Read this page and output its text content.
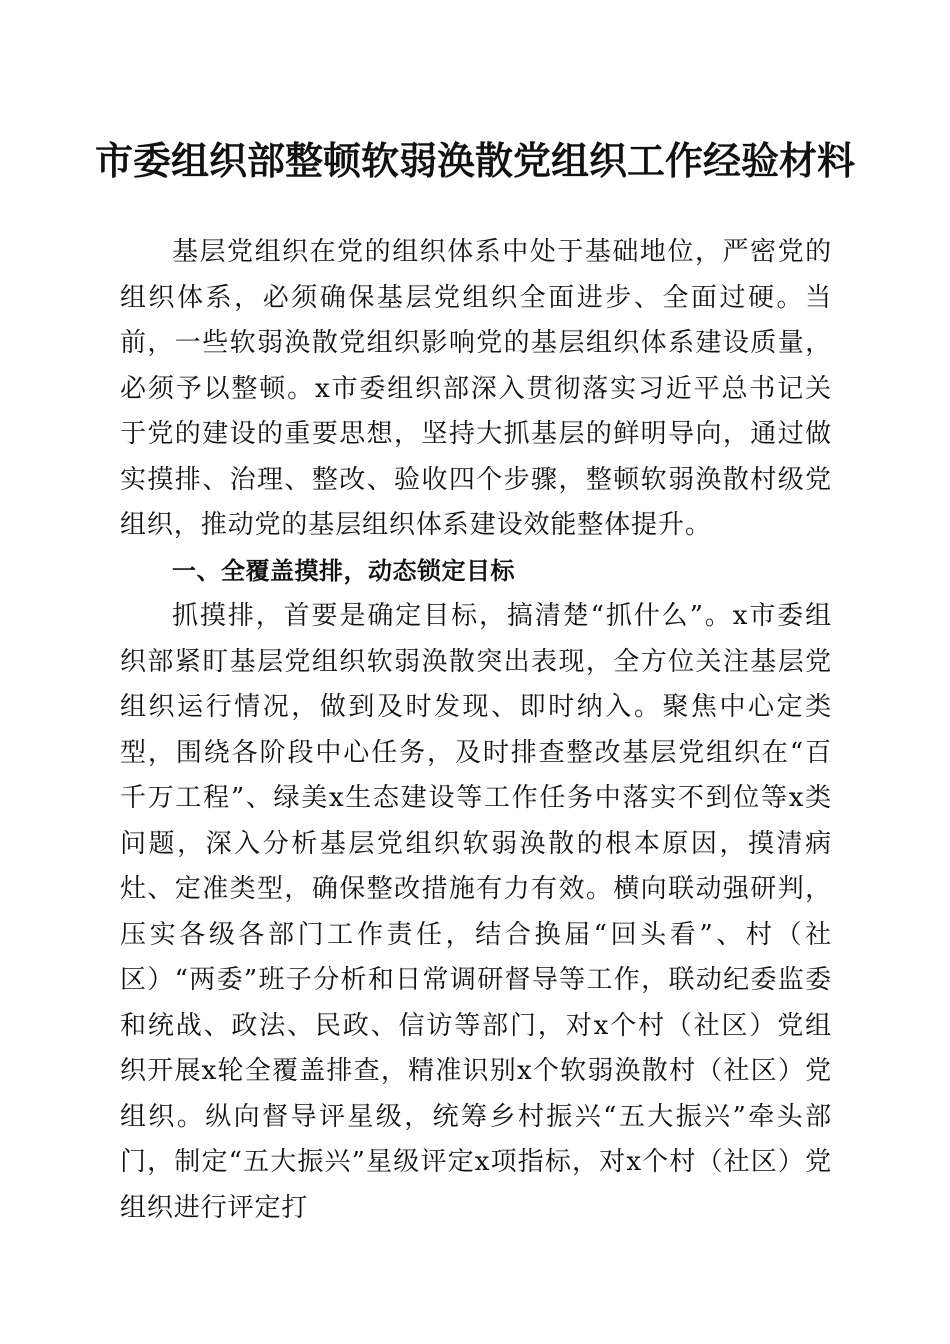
市委组织部整顿软弱涣散党组织工作经验材料

基层党组织在党的组织体系中处于基础地位，严密党的组织体系，必须确保基层党组织全面进步、全面过硬。当前，一些软弱涣散党组织影响党的基层组织体系建设质量，必须予以整顿。x市委组织部深入贯彻落实习近平总书记关于党的建设的重要思想，坚持大抓基层的鲜明导向，通过做实摸排、治理、整改、验收四个步骤，整顿软弱涣散村级党组织，推动党的基层组织体系建设效能整体提升。

一、全覆盖摸排，动态锁定目标

抓摸排，首要是确定目标，搞清楚“抓什么”。x市委组织部紧盯基层党组织软弱涣散突出表现，全方位关注基层党组织运行情况，做到及时发现、即时纳入。聚焦中心定类型，围绕各阶段中心任务，及时排查整改基层党组织在“百千万工程”、绿美x生态建设等工作任务中落实不到位等x类问题，深入分析基层党组织软弱涣散的根本原因，摸清病灶、定准类型，确保整改措施有力有效。横向联动强研判，压实各级各部门工作责任，结合换届“回头看”、村（社区）“两委”班子分析和日常调研督导等工作，联动纪委监委和统战、政法、民政、信访等部门，对x个村（社区）党组织开展x轮全覆盖排查，精准识别x个软弱涣散村（社区）党组织。纵向督导评星级，统筹乡村振兴“五大振兴”牵头部门，制定“五大振兴”星级评定x项指标，对x个村（社区）党组织进行评定打
